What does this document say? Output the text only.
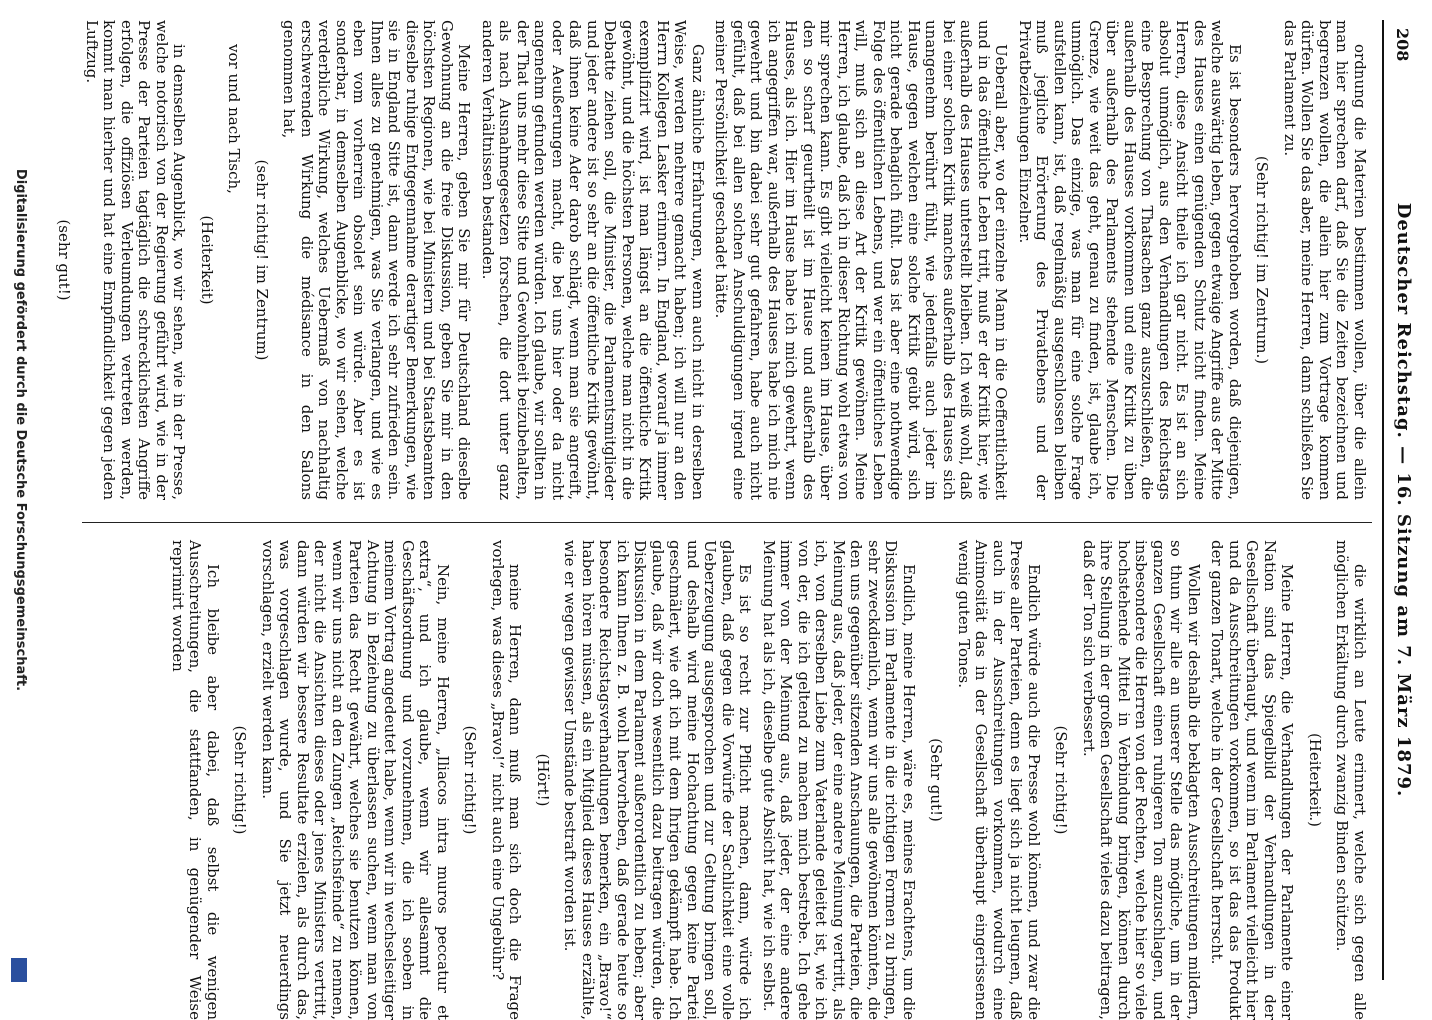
208
Deutscher Reichstag. — 16. Sitzung am 7. März 1879.

ordnung die Materien bestimmen wollen, über die allein man hier sprechen darf, daß Sie die Zeiten bezeichnen und begrenzen wollen, die allein hier zum Vortrage kommen dürfen. Wollen Sie das aber, meine Herren, dann schließen Sie das Parlament zu.

(Sehr richtig! im Zentrum.)

Es ist besonders hervorgehoben worden, daß diejenigen, welche auswärtig leben, gegen etwaige Angriffe aus der Mitte des Hauses einen genügenden Schutz nicht finden. Meine Herren, diese Ansicht theile ich gar nicht. Es ist an sich absolut unmöglich, aus den Verhandlungen des Reichstags eine Besprechung von Thatsachen ganz auszuschließen, die außerhalb des Hauses vorkommen und eine Kritik zu üben über außerhalb des Parlaments stehende Menschen. Die Grenze, wie weit das geht, genau zu finden, ist, glaube ich, unmöglich. Das einzige, was man für eine solche Frage aufstellen kann, ist, daß regelmäßig ausgeschlossen bleiben muß jegliche Erörterung des Privatlebens und der Privatbeziehungen Einzelner.

Ueberall aber, wo der einzelne Mann in die Oeffentlichkeit und in das öffentliche Leben tritt, muß er der Kritik hier, wie außerhalb des Hauses unterstellt bleiben. Ich weiß wohl, daß bei einer solchen Kritik manches außerhalb des Hauses sich unangenehm berührt fühlt, wie jedenfalls auch jeder im Hause, gegen welchen eine solche Kritik geübt wird, sich nicht gerade behaglich fühlt. Das ist aber eine nothwendige Folge des öffentlichen Lebens, und wer ein öffentliches Leben will, muß sich an diese Art der Kritik gewöhnen. Meine Herren, ich glaube, daß ich in dieser Richtung wohl etwas von mir sprechen kann. Es gibt vielleicht keinen im Hause, über den so scharf geurtheilt ist im Hause und außerhalb des Hauses, als ich. Hier im Hause habe ich mich gewehrt, wenn ich angegriffen war, außerhalb des Hauses habe ich mich nie gewehrt und bin dabei sehr gut gefahren, habe auch nicht gefühlt, daß bei allen solchen Anschuldigungen irgend eine meiner Persönlichkeit geschadet hätte.

Ganz ähnliche Erfahrungen, wenn auch nicht in derselben Weise, werden mehrere gemacht haben; ich will nur an den Herrn Kollegen Lasker erinnern. In England, worauf ja immer exemplifizirt wird, ist man längst an die öffentliche Kritik gewöhnt, und die höchsten Personen, welche man nicht in die Debatte ziehen soll, die Minister, die Parlamentsmitglieder und jeder andere ist so sehr an die öffentliche Kritik gewöhnt, daß ihnen keine Ader darob schlägt, wenn man sie angreift, oder Aeußerungen macht, die bei uns hier oder da nicht angenehm gefunden werden würden. Ich glaube, wir sollten in der That uns mehr diese Sitte und Gewohnheit beizubehalten, als nach Ausnahmegesetzen forschen, die dort unter ganz anderen Verhältnissen bestanden.

Meine Herren, geben Sie mir für Deutschland dieselbe Gewohnung an die freie Diskussion, geben Sie mir in den höchsten Regionen, wie bei Ministern und bei Staatsbeamten dieselbe ruhige Entgegennahme derartiger Bemerkungen, wie sie in England Sitte ist, dann werde ich sehr zufrieden sein. Ihnen alles zu genehmigen, was Sie verlangen, und wie es eben vom vorherrein obsolet sein würde. Aber es ist sonderbar, in demselben Augenblicke, wo wir sehen, welche verderbliche Wirkung, welches Uebermaß von nachhaltig erschwerenden Wirkung die médisance in den Salons genommen hat,

(sehr richtig! im Zentrum)

vor und nach Tisch,

(Heiterkeit)

in demselben Augenblick, wo wir sehen, wie in der Presse, welche notorisch von der Regierung geführt wird, wie in der Presse der Parteien tagtäglich die schrecklichsten Angriffe erfolgen, die offiziösen Verleumdungen vertreten werden, kommt man hierher und hat eine Empfindlichkeit gegen jeden Luftzug.

(sehr gut!)

die wirklich an Leute erinnert, welche sich gegen alle möglichen Erkältung durch zwanzig Binden schützen.

(Heiterkeit.)

Meine Herren, die Verhandlungen der Parlamente einer Nation sind das Spiegelbild der Verhandlungen in der Gesellschaft überhaupt, und wenn im Parlament vielleicht hier und da Ausschreitungen vorkommen, so ist das das Produkt der ganzen Tonart, welche in der Gesellschaft herrscht.

Wollen wir deshalb die beklagten Ausschreitungen mildern, so thun wir alle an unserer Stelle das mögliche, um in der ganzen Gesellschaft einen ruhigeren Ton anzuschlagen, und insbesondere die Herren von der Rechten, welche hier so viele hochstehende Mittel in Verbindung bringen, können durch ihre Stellung in der großen Gesellschaft vieles dazu beitragen, daß der Ton sich verbessert.

(Sehr richtig!)

Endlich würde auch die Presse wohl können, und zwar die Presse aller Parteien, denn es liegt sich ja nicht leugnen, daß auch in der Ausschreitungen vorkommen, wodurch eine Animosität das in der Gesellschaft überhaupt eingerissenen wenig guten Tones.

(Sehr gut!)

Endlich, meine Herren, wäre es, meines Erachtens, um die Diskussion im Parlamente in die richtigen Formen zu bringen, sehr zweckdienlich, wenn wir uns alle gewöhnen könnten, die den uns gegenüber sitzenden Anschauungen, die Parteien, die Meinung aus, daß jeder, der eine andere Meinung vertritt, als ich, von derselben Liebe zum Vaterlande geleitet ist, wie ich von der, die ich geltend zu machen mich bestrebe. Ich gehe immer von der Meinung aus, daß jeder, der eine andere Meinung hat als ich, dieselbe gute Absicht hat, wie ich selbst.

Es ist so recht zur Pflicht machen, dann, würde ich glauben, daß gegen die Vorwürfe der Sachlichkeit eine volle Ueberzeugung ausgesprochen und zur Geltung bringen soll, und deshalb wird meine Hochachtung gegen keine Partei geschmälert, wie oft ich mit dem Ihrigen gekämpft habe. Ich glaube, daß wir doch wesentlich dazu beitragen würden, die Diskussion in dem Parlament außerordentlich zu heben; aber ich kann Ihnen z. B. wohl hervorheben, daß gerade heute so besondere Reichstagsverhandlungen bemerken, ein „Bravo!“ haben hören müssen, als ein Mitglied dieses Hauses erzählte, wie er wegen gewisser Umstände bestraft worden ist.

(Hört!)

meine Herren, dann muß man sich doch die Frage vorlegen, was dieses „Bravo!“ nicht auch eine Ungebühr?

(Sehr richtig!)

Nein, meine Herren, „Iliacos intra muros peccatur et extra“, und ich glaube, wenn wir allesammt die Geschäftsordnung und vorzunehmen, die ich soeben in meinem Vortrag angedeutet habe, wenn wir in wechselseitiger Achtung in Beziehung zu überlassen suchen, wenn man von Parteien das Recht gewährt, welches sie benutzen können, wenn wir uns nicht an den Zungen „Reichsfeinde“ zu nennen, der nicht die Ansichten dieses oder jenes Ministers vertritt, dann würden wir bessere Resultate erzielen, als durch das, was vorgeschlagen wurde, und Sie jetzt neuerdings vorschlagen, erzielt werden kann.

(Sehr richtig!)

Ich bleibe aber dabei, daß selbst die wenigen Ausschreitungen, die stattfanden, in genügender Weise reprimirt worden

Digitalisierung gefördert durch die Deutsche Forschungsgemeinschaft.
